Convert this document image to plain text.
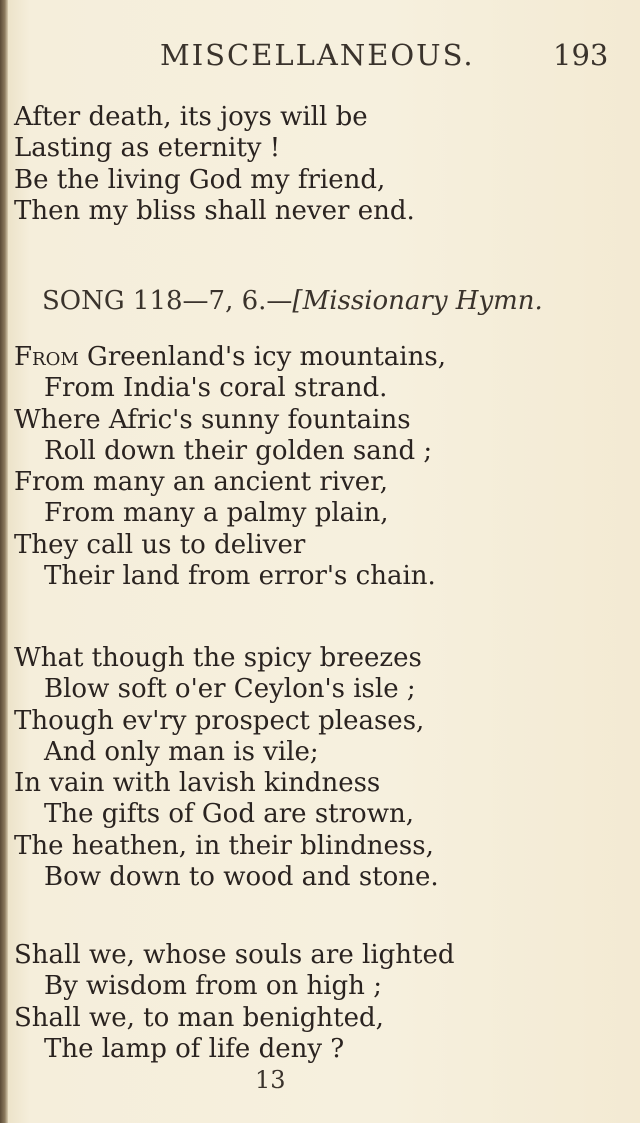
MISCELLANEOUS.	193
After death, its joys will be
Lasting as eternity !
Be the living God my friend,
Then my bliss shall never end.
SONG 118—7, 6.—[Missionary Hymn.
From Greenland's icy mountains,
From India's coral strand.
Where Afric's sunny fountains
Roll down their golden sand ;
From many an ancient river,
From many a palmy plain,
They call us to deliver
Their land from error's chain.
What though the spicy breezes
Blow soft o'er Ceylon's isle ;
Though ev'ry prospect pleases,
And only man is vile;
In vain with lavish kindness
The gifts of God are strown,
The heathen, in their blindness,
Bow down to wood and stone.
Shall we, whose souls are lighted
By wisdom from on high ;
Shall we, to man benighted,
The lamp of life deny ?
13
